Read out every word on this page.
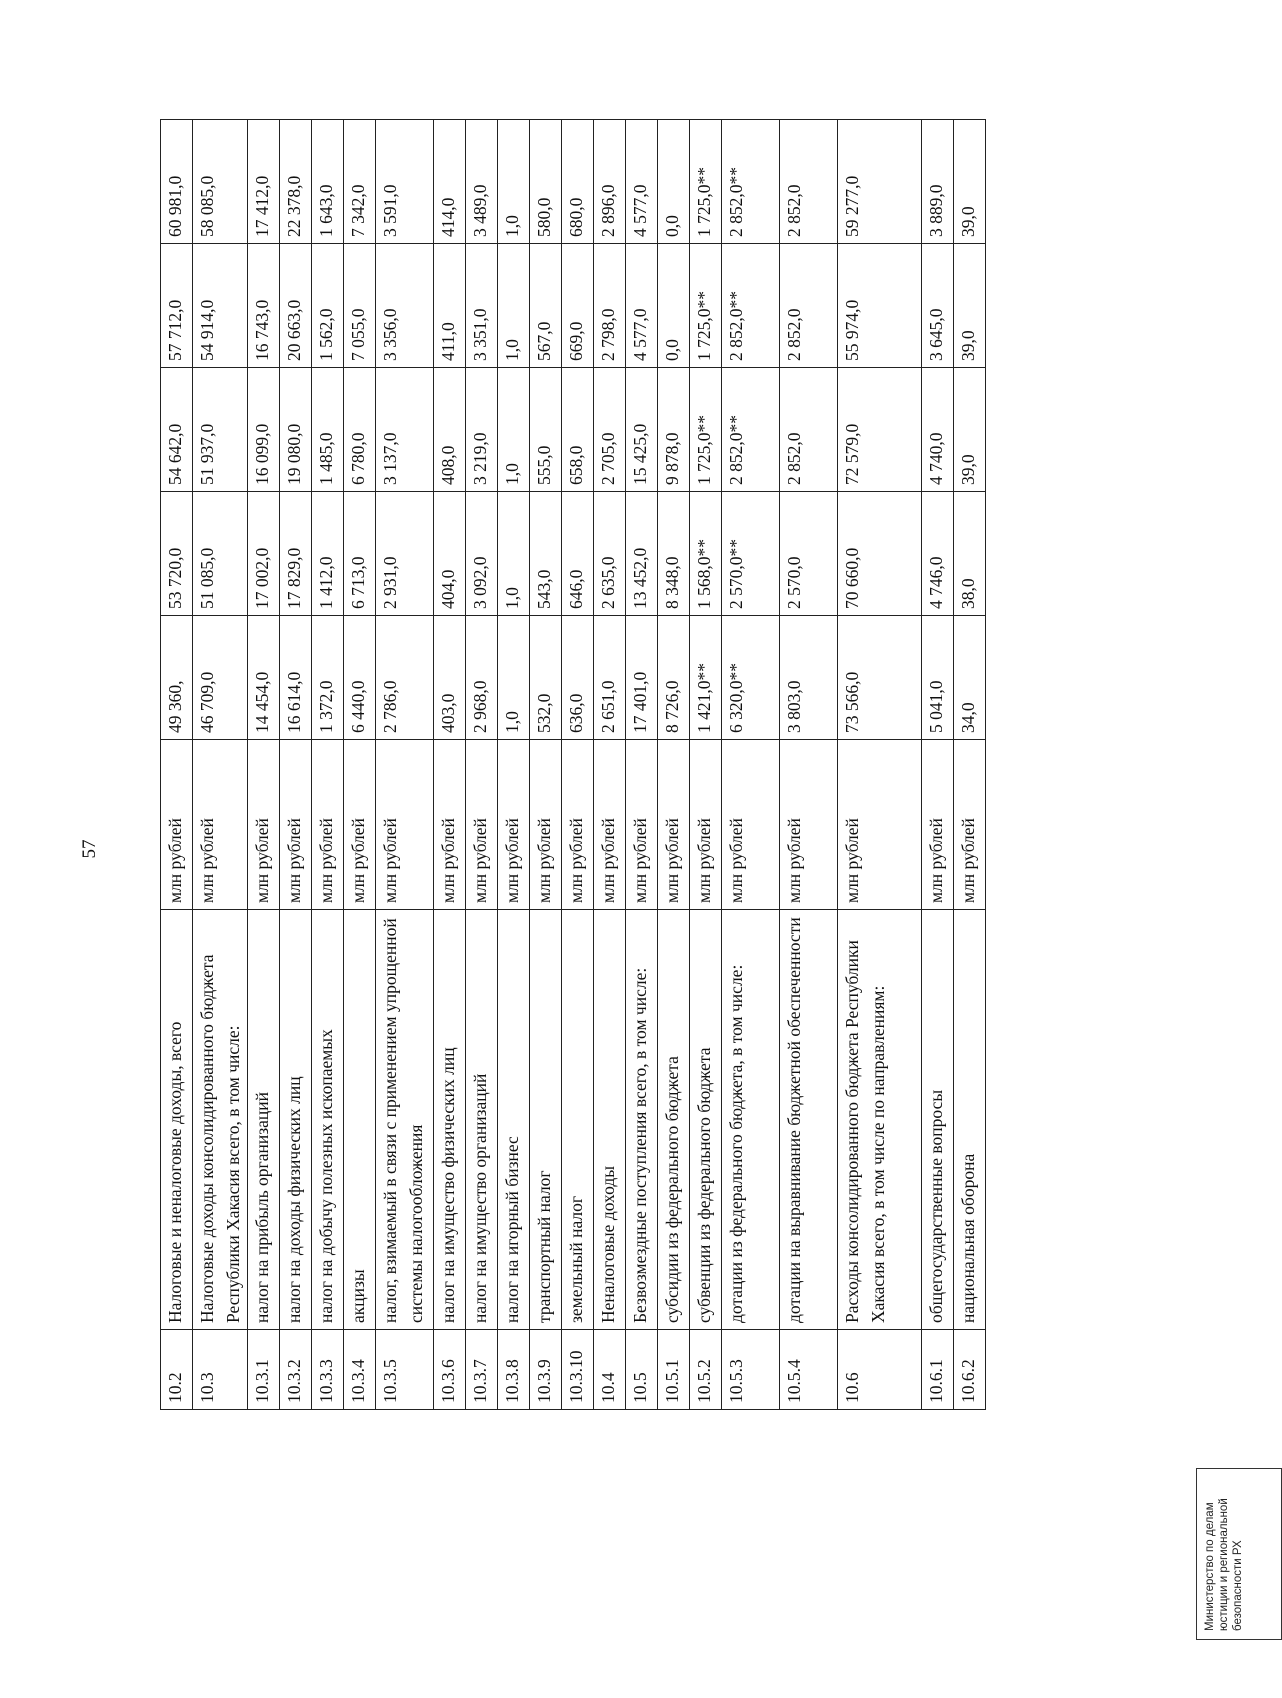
57
10.2	Налоговые и неналоговые доходы, всего	млн рублей	49 360,	53 720,0	54 642,0	57 712,0	60 981,0
10.3	Налоговые доходы консолидированного бюджета Республики Хакасия всего, в том числе:	млн рублей	46 709,0	51 085,0	51 937,0	54 914,0	58 085,0
10.3.1	налог на прибыль организаций	млн рублей	14 454,0	17 002,0	16 099,0	16 743,0	17 412,0
10.3.2	налог на доходы физических лиц	млн рублей	16 614,0	17 829,0	19 080,0	20 663,0	22 378,0
10.3.3	налог на добычу полезных ископаемых	млн рублей	1 372,0	1 412,0	1 485,0	1 562,0	1 643,0
10.3.4	акцизы	млн рублей	6 440,0	6 713,0	6 780,0	7 055,0	7 342,0
10.3.5	налог, взимаемый в связи с применением упрощенной системы налогообложения	млн рублей	2 786,0	2 931,0	3 137,0	3 356,0	3 591,0
10.3.6	налог на имущество физических лиц	млн рублей	403,0	404,0	408,0	411,0	414,0
10.3.7	налог на имущество организаций	млн рублей	2 968,0	3 092,0	3 219,0	3 351,0	3 489,0
10.3.8	налог на игорный бизнес	млн рублей	1,0	1,0	1,0	1,0	1,0
10.3.9	транспортный налог	млн рублей	532,0	543,0	555,0	567,0	580,0
10.3.10	земельный налог	млн рублей	636,0	646,0	658,0	669,0	680,0
10.4	Неналоговые доходы	млн рублей	2 651,0	2 635,0	2 705,0	2 798,0	2 896,0
10.5	Безвозмездные поступления всего, в том числе:	млн рублей	17 401,0	13 452,0	15 425,0	4 577,0	4 577,0
10.5.1	субсидии из федерального бюджета	млн рублей	8 726,0	8 348,0	9 878,0	0,0	0,0
10.5.2	субвенции из федерального бюджета	млн рублей	1 421,0**	1 568,0**	1 725,0**	1 725,0**	1 725,0**
10.5.3	дотации из федерального бюджета, в том числе:	млн рублей	6 320,0**	2 570,0**	2 852,0**	2 852,0**	2 852,0**
10.5.4	дотации на выравнивание бюджетной обеспеченности	млн рублей	3 803,0	2 570,0	2 852,0	2 852,0	2 852,0
10.6	Расходы консолидированного бюджета Республики Хакасия всего, в том числе по направлениям:	млн рублей	73 566,0	70 660,0	72 579,0	55 974,0	59 277,0
10.6.1	общегосударственные вопросы	млн рублей	5 041,0	4 746,0	4 740,0	3 645,0	3 889,0
10.6.2	национальная оборона	млн рублей	34,0	38,0	39,0	39,0	39,0
Министерство по делам юстиции и региональной безопасности РХ
